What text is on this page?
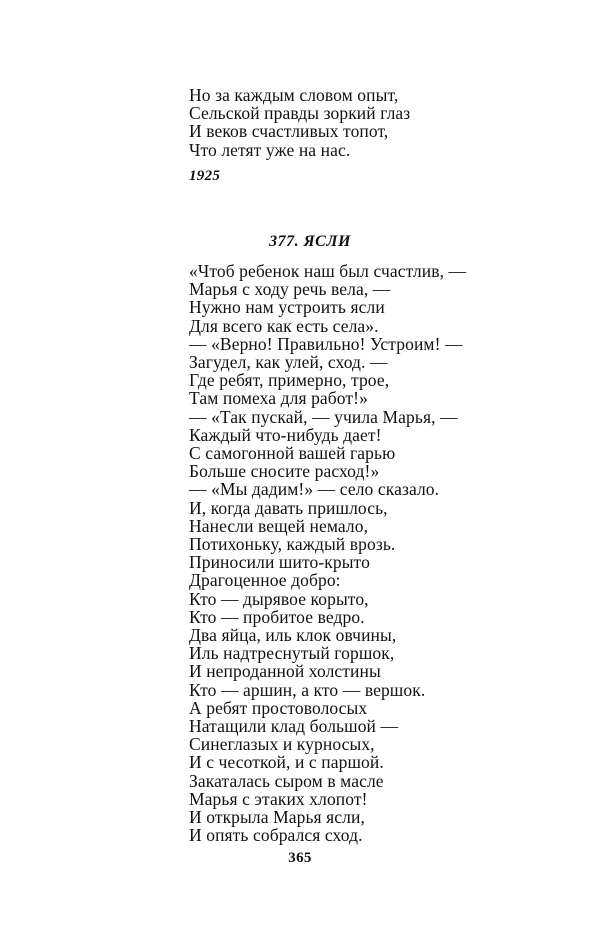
Но за каждым словом опыт,
Сельской правды зоркий глаз
И веков счастливых топот,
Что летят уже на нас.
1925
377. ЯСЛИ
«Чтоб ребенок наш был счастлив, —
Марья с ходу речь вела, —
Нужно нам устроить ясли
Для всего как есть села».
— «Верно! Правильно! Устроим! —
Загудел, как улей, сход. —
Где ребят, примерно, трое,
Там помеха для работ!»
— «Так пускай, — учила Марья, —
Каждый что-нибудь дает!
С самогонной вашей гарью
Больше сносите расход!»
— «Мы дадим!» — село сказало.
И, когда давать пришлось,
Нанесли вещей немало,
Потихоньку, каждый врозь.
Приносили шито-крыто
Драгоценное добро:
Кто — дырявое корыто,
Кто — пробитое ведро.
Два яйца, иль клок овчины,
Иль надтреснутый горшок,
И непроданной холстины
Кто — аршин, а кто — вершок.
А ребят простоволосых
Натащили клад большой —
Синеглазых и курносых,
И с чесоткой, и с паршой.
Закаталась сыром в масле
Марья с этаких хлопот!
И открыла Марья ясли,
И опять собрался сход.
365
